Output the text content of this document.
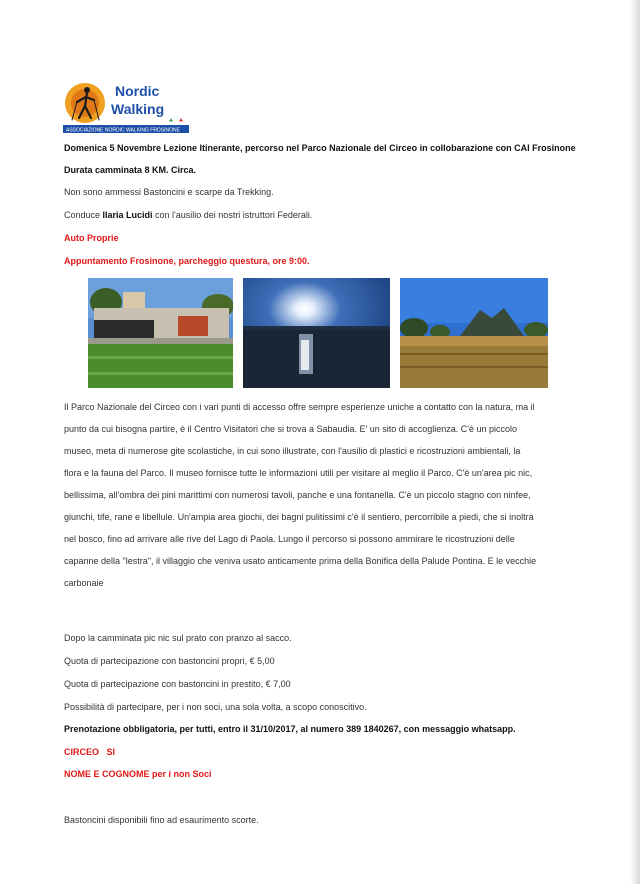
Nordic
Walking
ASSOCIAZIONE NORDIC WALKING FROSINONE
Domenica 5 Novembre Lezione Itinerante, percorso nel Parco Nazionale del Circeo in collobarazione con CAI Frosinone
Durata camminata 8 KM. Circa.
Non sono ammessi Bastoncini e scarpe da Trekking.
Conduce Ilaria Lucidi con l'ausilio dei nostri istruttori Federali.
Auto Proprie
Appuntamento Frosinone, parcheggio questura, ore 9:00.
Il Parco Nazionale del Circeo con i vari punti di accesso offre sempre esperienze uniche a contatto con la natura, ma il
punto da cui bisogna partire, è il Centro Visitatori che si trova a Sabaudia. E' un sito di accoglienza. C'è un piccolo
museo, meta di numerose gite scolastiche, in cui sono illustrate, con l'ausilio di plastici e ricostruzioni ambientali, la
flora e la fauna del Parco. Il museo fornisce tutte le informazioni utili per visitare al meglio il Parco. C'è un'area pic nic,
bellissima, all'ombra dei pini marittimi con numerosi tavoli, panche e una fontanella. C'è un piccolo stagno con ninfee,
giunchi, tife, rane e libellule. Un'ampia area giochi, dei bagni pulitissimi c'è il sentiero, percorribile a piedi, che si inoltra
nel bosco, fino ad arrivare alle rive del Lago di Paola. Lungo il percorso si possono ammirare le ricostruzioni delle
capanne della "lestra", il villaggio che veniva usato anticamente prima della Bonifica della Palude Pontina. E le vecchie
carbonaie
Dopo la camminata pic nic sul prato con pranzo al sacco.
Quota di partecipazione con bastoncini propri, € 5,00
Quota di partecipazione con bastoncini in prestito, € 7,00
Possibilità di partecipare, per i non soci, una sola volta, a scopo conoscitivo.
Prenotazione obbligatoria, per tutti, entro il 31/10/2017, al numero 389 1840267, con messaggio whatsapp.
CIRCEO   SI
NOME E COGNOME per i non Soci
Bastoncini disponibili fino ad esaurimento scorte.
